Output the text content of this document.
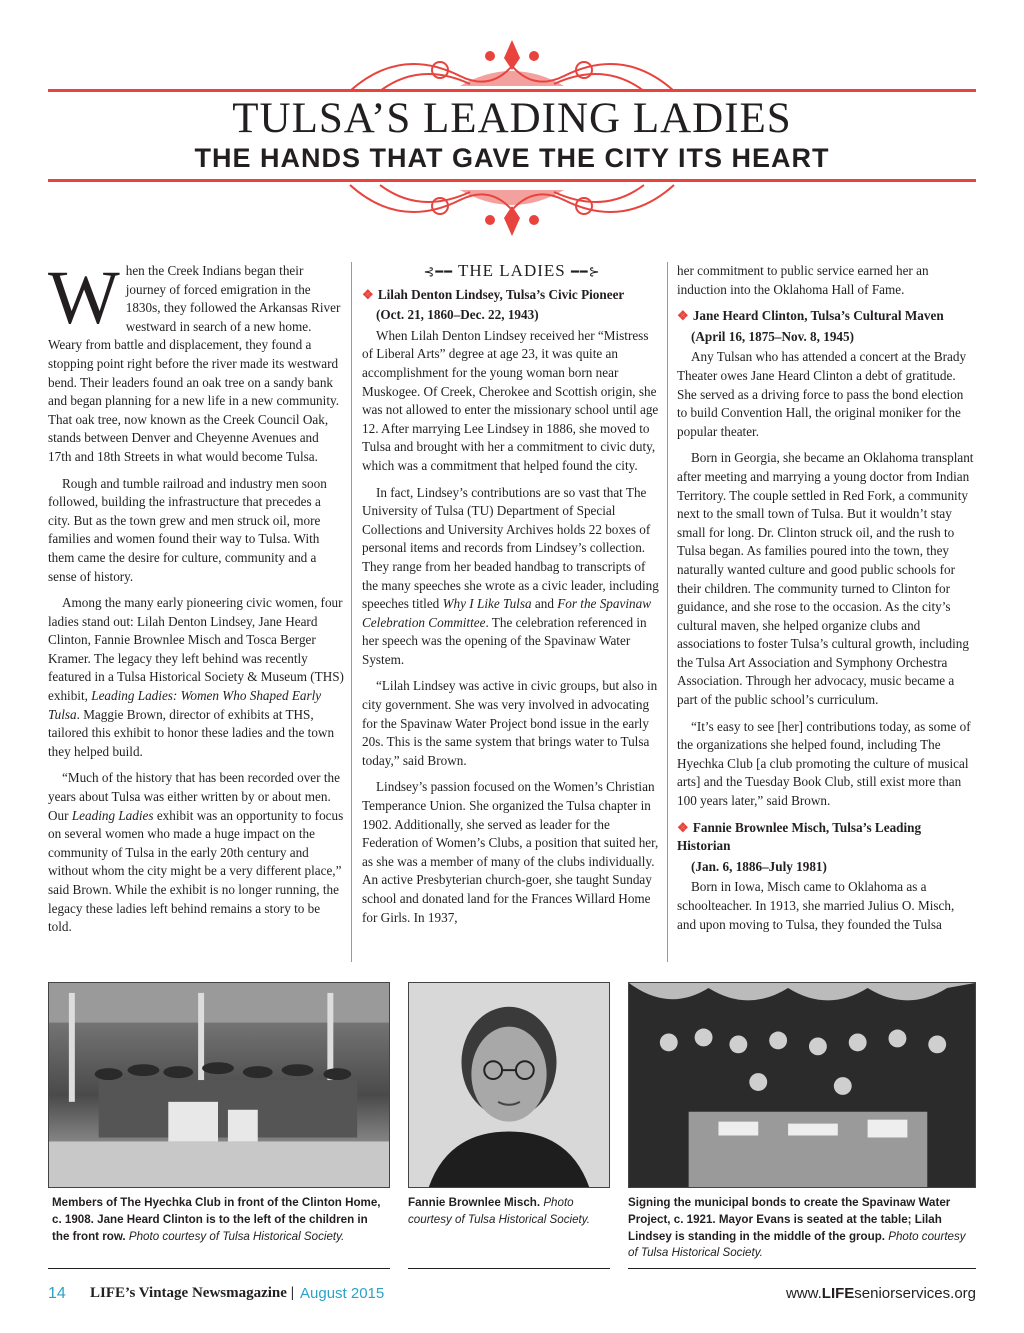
TULSA’S LEADING LADIES
THE HANDS THAT GAVE THE CITY ITS HEART

When the Creek Indians began their journey of forced emigration in the 1830s, they followed the Arkansas River westward in search of a new home. Weary from battle and displacement, they found a stopping point right before the river made its westward bend. Their leaders found an oak tree on a sandy bank and began planning for a new life in a new community. That oak tree, now known as the Creek Council Oak, stands between Denver and Cheyenne Avenues and 17th and 18th Streets in what would become Tulsa.

Rough and tumble railroad and industry men soon followed, building the infrastructure that precedes a city. But as the town grew and men struck oil, more families and women found their way to Tulsa. With them came the desire for culture, community and a sense of history.

Among the many early pioneering civic women, four ladies stand out: Lilah Denton Lindsey, Jane Heard Clinton, Fannie Brownlee Misch and Tosca Berger Kramer. The legacy they left behind was recently featured in a Tulsa Historical Society & Museum (THS) exhibit, Leading Ladies: Women Who Shaped Early Tulsa. Maggie Brown, director of exhibits at THS, tailored this exhibit to honor these ladies and the town they helped build.

“Much of the history that has been recorded over the years about Tulsa was either written by or about men. Our Leading Ladies exhibit was an opportunity to focus on several women who made a huge impact on the community of Tulsa in the early 20th century and without whom the city might be a very different place,” said Brown. While the exhibit is no longer running, the legacy these ladies left behind remains a story to be told.

⊰━━ THE LADIES ━━⊱
❖ Lilah Denton Lindsey, Tulsa’s Civic Pioneer
(Oct. 21, 1860–Dec. 22, 1943)

When Lilah Denton Lindsey received her “Mistress of Liberal Arts” degree at age 23, it was quite an accomplishment for the young woman born near Muskogee. Of Creek, Cherokee and Scottish origin, she was not allowed to enter the missionary school until age 12. After marrying Lee Lindsey in 1886, she moved to Tulsa and brought with her a commitment to civic duty, which was a commitment that helped found the city.

In fact, Lindsey’s contributions are so vast that The University of Tulsa (TU) Department of Special Collections and University Archives holds 22 boxes of personal items and records from Lindsey’s collection. They range from her beaded handbag to transcripts of the many speeches she wrote as a civic leader, including speeches titled Why I Like Tulsa and For the Spavinaw Celebration Committee. The celebration referenced in her speech was the opening of the Spavinaw Water System.

“Lilah Lindsey was active in civic groups, but also in city government. She was very involved in advocating for the Spavinaw Water Project bond issue in the early 20s. This is the same system that brings water to Tulsa today,” said Brown.

Lindsey’s passion focused on the Women’s Christian Temperance Union. She organized the Tulsa chapter in 1902. Additionally, she served as leader for the Federation of Women’s Clubs, a position that suited her, as she was a member of many of the clubs individually. An active Presbyterian church-goer, she taught Sunday school and donated land for the Frances Willard Home for Girls. In 1937,

her commitment to public service earned her an induction into the Oklahoma Hall of Fame.

❖ Jane Heard Clinton, Tulsa’s Cultural Maven
(April 16, 1875–Nov. 8, 1945)

Any Tulsan who has attended a concert at the Brady Theater owes Jane Heard Clinton a debt of gratitude. She served as a driving force to pass the bond election to build Convention Hall, the original moniker for the popular theater.

Born in Georgia, she became an Oklahoma transplant after meeting and marrying a young doctor from Indian Territory. The couple settled in Red Fork, a community next to the small town of Tulsa. But it wouldn’t stay small for long. Dr. Clinton struck oil, and the rush to Tulsa began. As families poured into the town, they naturally wanted culture and good public schools for their children. The community turned to Clinton for guidance, and she rose to the occasion. As the city’s cultural maven, she helped organize clubs and associations to foster Tulsa’s cultural growth, including the Tulsa Art Association and Symphony Orchestra Association. Through her advocacy, music became a part of the public school’s curriculum.

“It’s easy to see [her] contributions today, as some of the organizations she helped found, including The Hyechka Club [a club promoting the culture of musical arts] and the Tuesday Book Club, still exist more than 100 years later,” said Brown.

❖ Fannie Brownlee Misch, Tulsa’s Leading Historian
(Jan. 6, 1886–July 1981)

Born in Iowa, Misch came to Oklahoma as a schoolteacher. In 1913, she married Julius O. Misch, and upon moving to Tulsa, they founded the Tulsa

Members of The Hyechka Club in front of the Clinton Home, c. 1908. Jane Heard Clinton is to the left of the children in the front row. Photo courtesy of Tulsa Historical Society.
Fannie Brownlee Misch. Photo courtesy of Tulsa Historical Society.
Signing the municipal bonds to create the Spavinaw Water Project, c. 1921. Mayor Evans is seated at the table; Lilah Lindsey is standing in the middle of the group. Photo courtesy of Tulsa Historical Society.
14 LIFE’s Vintage Newsmagazine | August 2015	www.LIFEseniorservices.org
